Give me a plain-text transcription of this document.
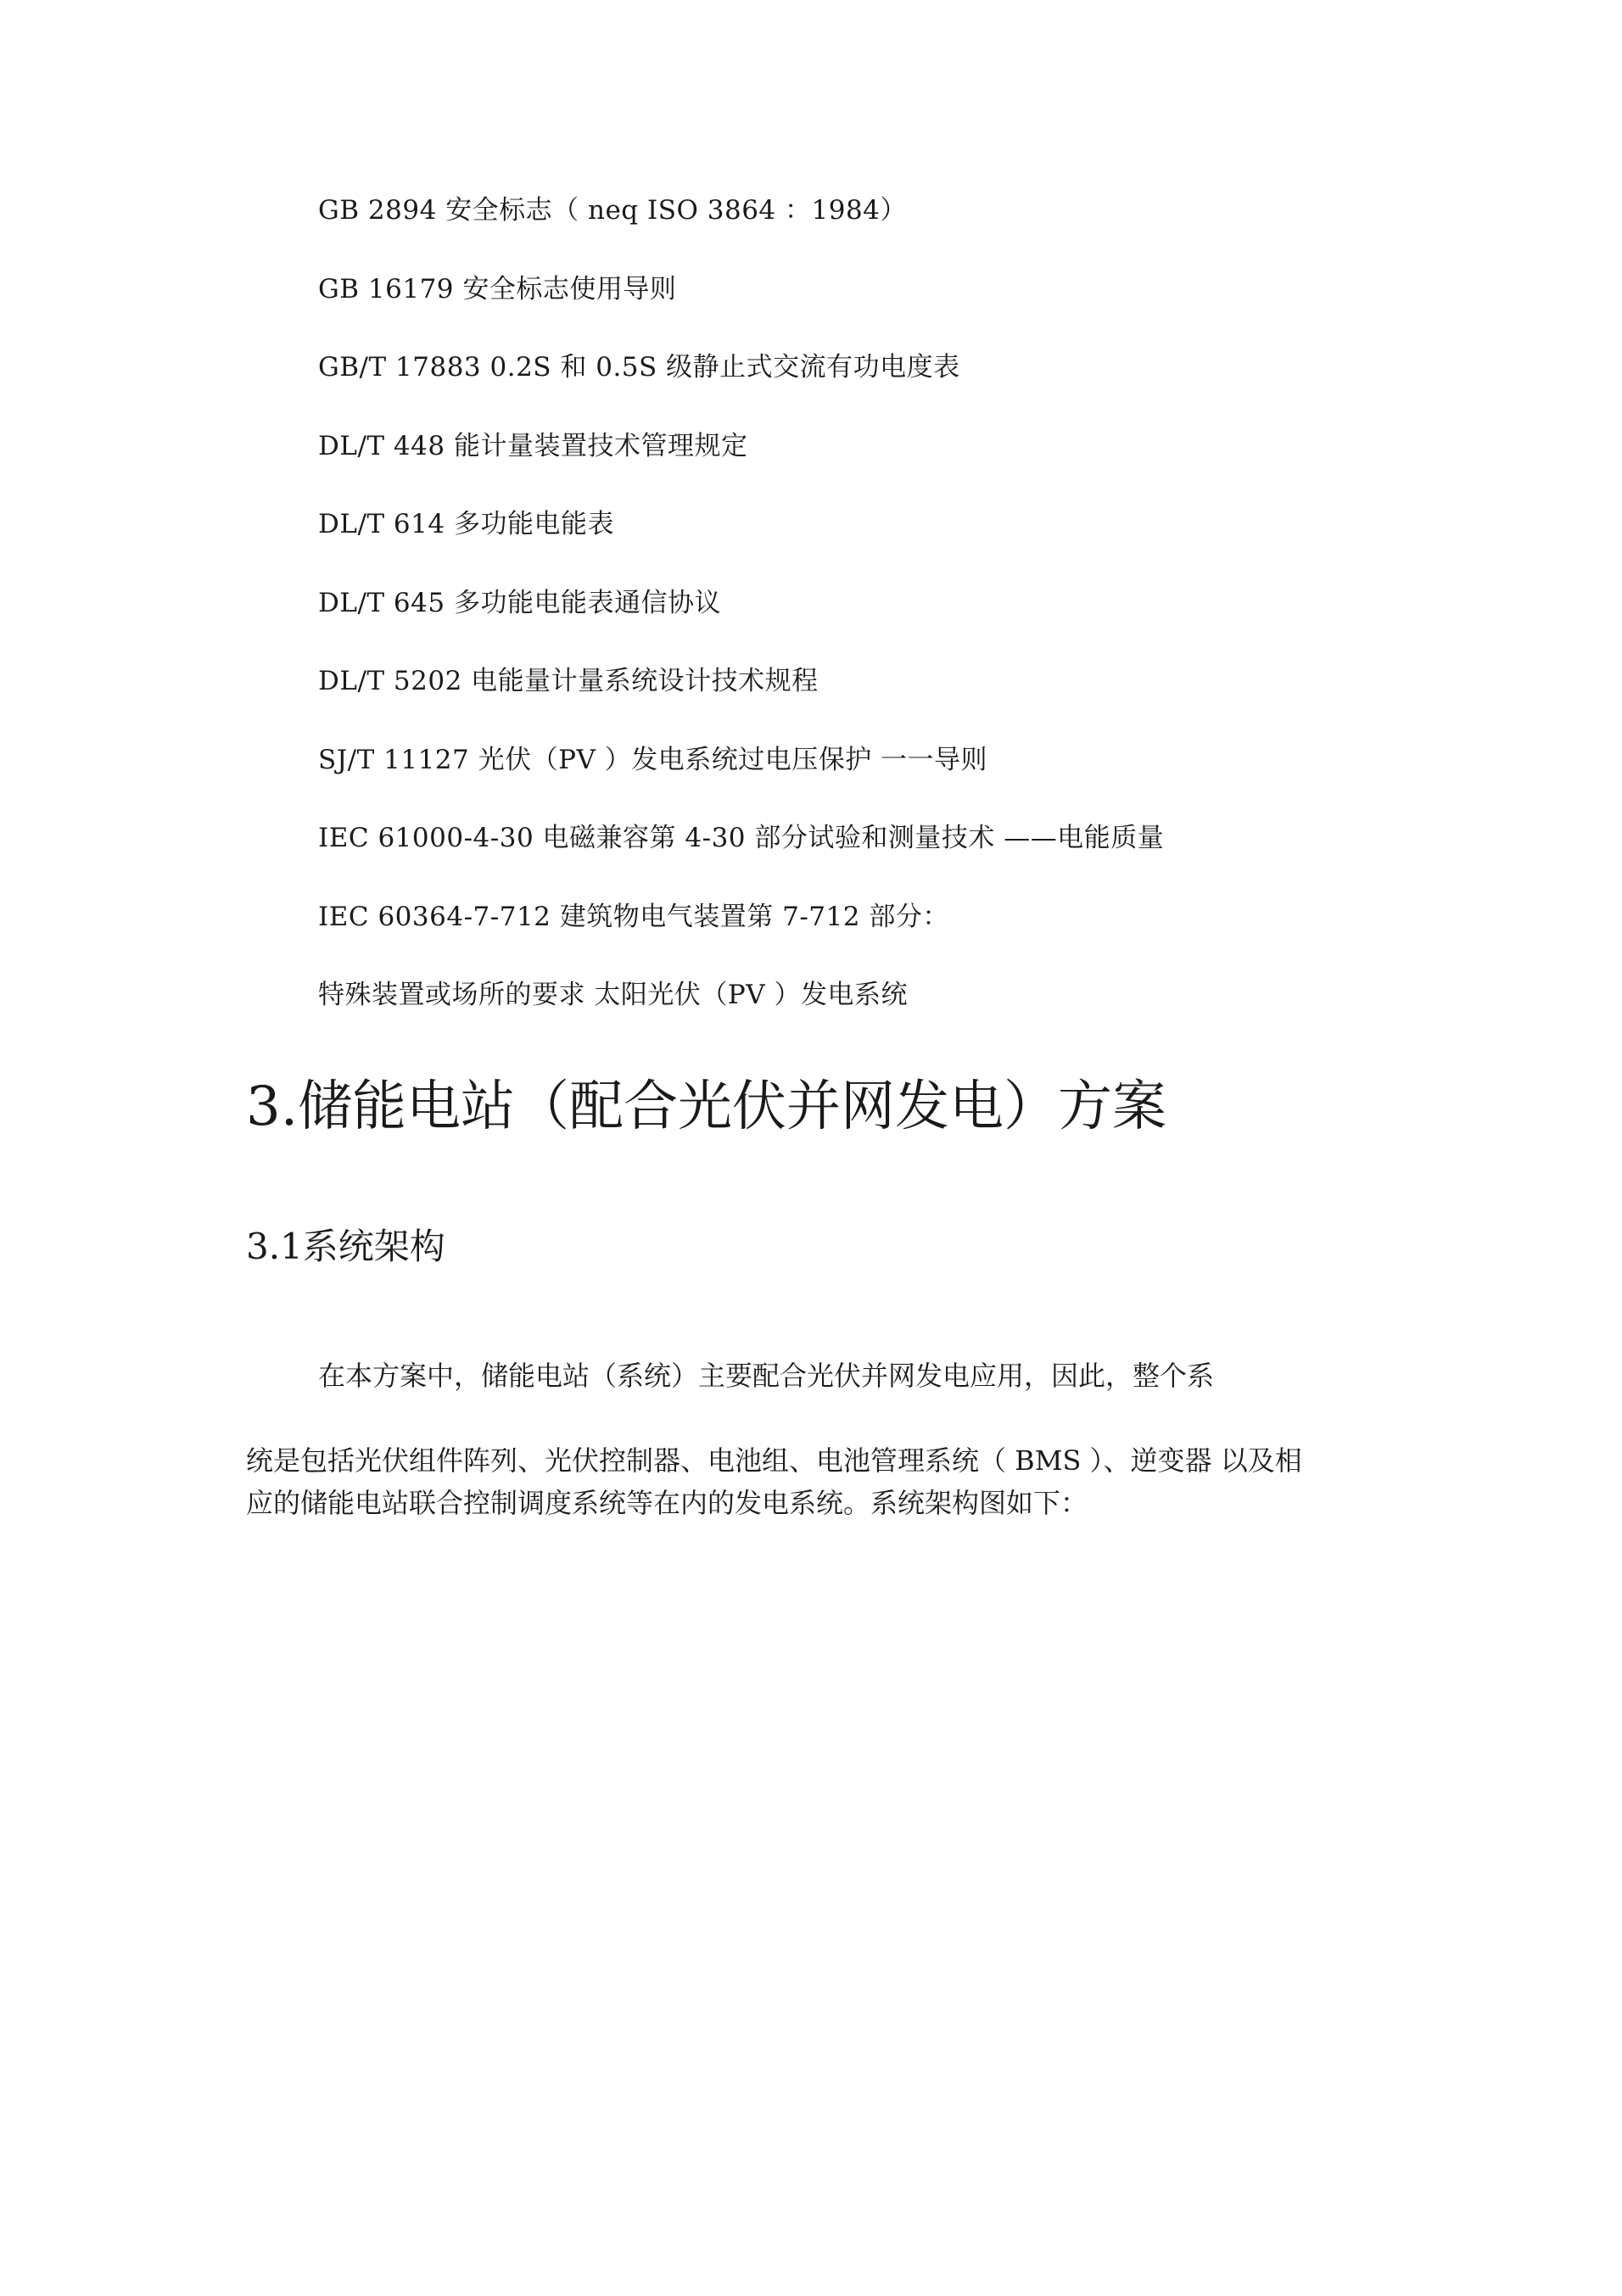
GB 2894 安全标志（ neq ISO 3864 ：1984）
GB 16179 安全标志使用导则
GB/T 17883 0.2S 和 0.5S 级静止式交流有功电度表
DL/T 448 能计量装置技术管理规定
DL/T 614 多功能电能表
DL/T 645 多功能电能表通信协议
DL/T 5202 电能量计量系统设计技术规程
SJ/T 11127 光伏（PV ）发电系统过电压保护 一一导则
IEC 61000-4-30 电磁兼容第 4-30 部分试验和测量技术 ——电能质量
IEC 60364-7-712 建筑物电气装置第 7-712 部分：
特殊装置或场所的要求 太阳光伏（PV ）发电系统
3.储能电站（配合光伏并网发电）方案
3.1系统架构

在本方案中，储能电站（系统）主要配合光伏并网发电应用，因此，整个系

统是包括光伏组件阵列、光伏控制器、电池组、电池管理系统（ BMS ）、逆变器 以及相

应的储能电站联合控制调度系统等在内的发电系统。系统架构图如下：
